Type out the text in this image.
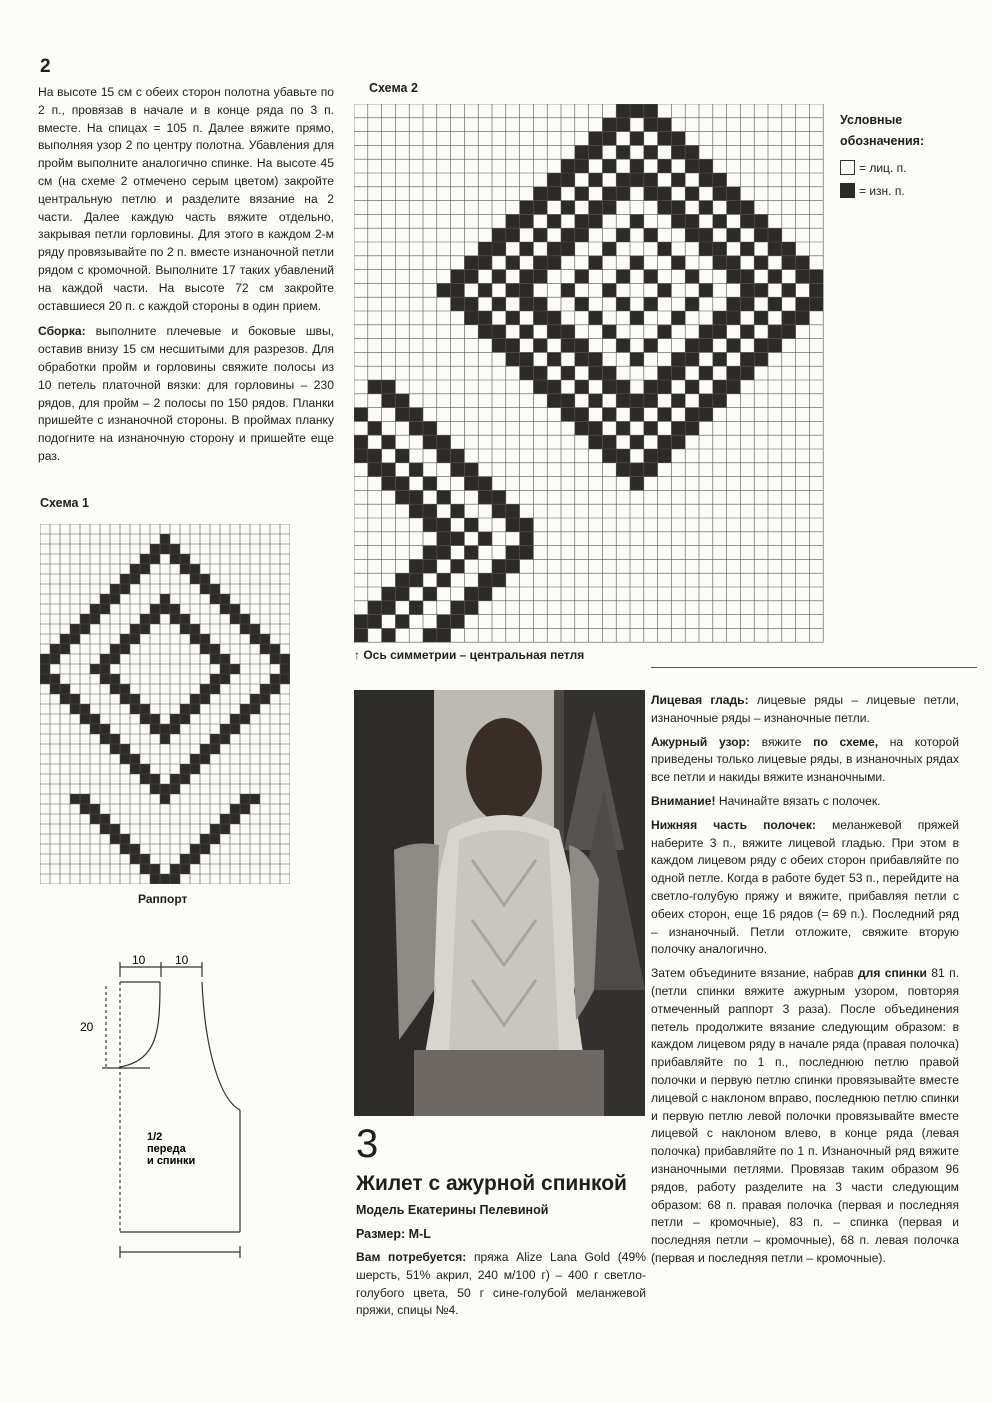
2

На высоте 15 см с обеих сторон полотна убавьте по 2 п., провязав в начале и в конце ряда по 3 п. вместе. На спицах = 105 п. Далее вяжите прямо, выполняя узор 2 по центру полотна. Убавления для пройм выполните аналогично спинке. На высоте 45 см (на схеме 2 отмечено серым цветом) закройте центральную петлю и разделите вязание на 2 части. Далее каждую часть вяжите отдельно, закрывая петли горловины. Для этого в каждом 2-м ряду провязывайте по 2 п. вместе изнаночной петли рядом с кромочной. Выполните 17 таких убавлений на каждой части. На высоте 72 см закройте оставшиеся 20 п. с каждой стороны в один прием.

Сборка: выполните плечевые и боковые швы, оставив внизу 15 см несшитыми для разрезов. Для обработки пройм и горловины свяжите полосы из 10 петель платочной вязки: для горловины – 230 рядов, для пройм – 2 полосы по 150 рядов. Планки пришейте с изнаночной стороны. В проймах планку подогните на изнаночную сторону и пришейте еще раз.

Схема 1
Раппорт
10 10
20
1/2
переда
и спинки
Схема 2
↑ Ось симметрии – центральная петля
Условные
обозначения:
= лиц. п.
= изн. п.
3
Жилет с ажурной спинкой
Модель Екатерины Пелевиной
Размер: M-L
Вам потребуется: пряжа Alize Lana Gold (49% шерсть, 51% акрил, 240 м/100 г) – 400 г светло-голубого цвета, 50 г сине-голубой меланжевой пряжи, спицы №4.

Лицевая гладь: лицевые ряды – лицевые петли, изнаночные ряды – изнаночные петли.

Ажурный узор: вяжите по схеме, на которой приведены только лицевые ряды, в изнаночных рядах все петли и накиды вяжите изнаночными.

Внимание! Начинайте вязать с полочек.

Нижняя часть полочек: меланжевой пряжей наберите 3 п., вяжите лицевой гладью. При этом в каждом лицевом ряду с обеих сторон прибавляйте по одной петле. Когда в работе будет 53 п., перейдите на светло-голубую пряжу и вяжите, прибавляя петли с обеих сторон, еще 16 рядов (= 69 п.). Последний ряд – изнаночный. Петли отложите, свяжите вторую полочку аналогично.

Затем объедините вязание, набрав для спинки 81 п. (петли спинки вяжите ажурным узором, повторяя отмеченный раппорт 3 раза). После объединения петель продолжите вязание следующим образом: в каждом лицевом ряду в начале ряда (правая полочка) прибавляйте по 1 п., последнюю петлю правой полочки и первую петлю спинки провязывайте вместе лицевой с наклоном вправо, последнюю петлю спинки и первую петлю левой полочки провязывайте вместе лицевой с наклоном влево, в конце ряда (левая полочка) прибавляйте по 1 п. Изнаночный ряд вяжите изнаночными петлями. Провязав таким образом 96 рядов, работу разделите на 3 части следующим образом: 68 п. правая полочка (первая и последняя петли – кромочные), 83 п. – спинка (первая и последняя петли – кромочные), 68 п. левая полочка (первая и последняя петли – кромочные).
